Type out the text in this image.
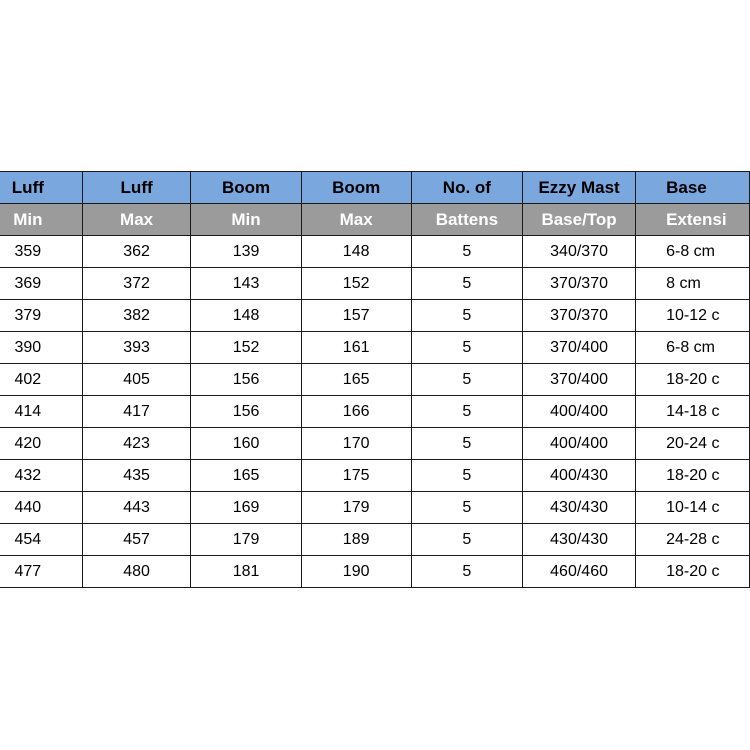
Luff	Luff	Boom	Boom	No. of	Ezzy Mast	Base
Min	Max	Min	Max	Battens	Base/Top	Extensi
359	362	139	148	5	340/370	6-8 cm
369	372	143	152	5	370/370	8 cm
379	382	148	157	5	370/370	10-12 c
390	393	152	161	5	370/400	6-8 cm
402	405	156	165	5	370/400	18-20 c
414	417	156	166	5	400/400	14-18 c
420	423	160	170	5	400/400	20-24 c
432	435	165	175	5	400/430	18-20 c
440	443	169	179	5	430/430	10-14 c
454	457	179	189	5	430/430	24-28 c
477	480	181	190	5	460/460	18-20 c
